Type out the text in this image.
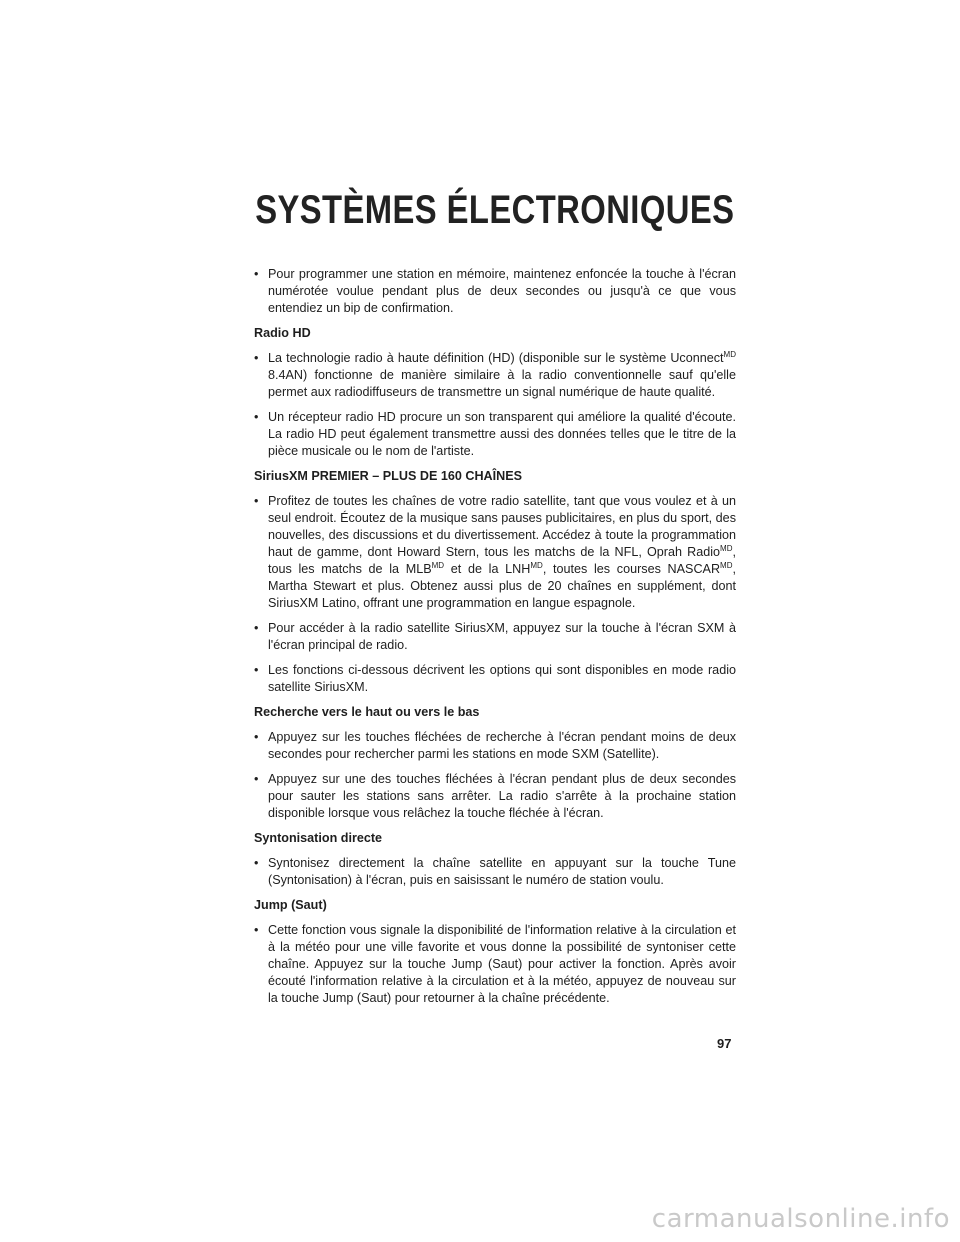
SYSTÈMES ÉLECTRONIQUES

• Pour programmer une station en mémoire, maintenez enfoncée la touche à l'écran numérotée voulue pendant plus de deux secondes ou jusqu'à ce que vous entendiez un bip de confirmation.

Radio HD

• La technologie radio à haute définition (HD) (disponible sur le système Uconnect$^{MD}$ 8.4AN) fonctionne de manière similaire à la radio conventionnelle sauf qu'elle permet aux radiodiffuseurs de transmettre un signal numérique de haute qualité.

• Un récepteur radio HD procure un son transparent qui améliore la qualité d'écoute. La radio HD peut également transmettre aussi des données telles que le titre de la pièce musicale ou le nom de l'artiste.

SiriusXM PREMIER – PLUS DE 160 CHAÎNES

• Profitez de toutes les chaînes de votre radio satellite, tant que vous voulez et à un seul endroit. Écoutez de la musique sans pauses publicitaires, en plus du sport, des nouvelles, des discussions et du divertissement. Accédez à toute la programmation haut de gamme, dont Howard Stern, tous les matchs de la NFL, Oprah Radio$^{MD}$, tous les matchs de la $MLB^{MD}$ et de la $LNH^{MD}$, toutes les courses $NASCAR^{MD}$, Martha Stewart et plus. Obtenez aussi plus de 20 chaînes en supplément, dont SiriusXM Latino, offrant une programmation en langue espagnole.

• Pour accéder à la radio satellite SiriusXM, appuyez sur la touche à l'écran SXM à l'écran principal de radio.

• Les fonctions ci-dessous décrivent les options qui sont disponibles en mode radio satellite SiriusXM.

Recherche vers le haut ou vers le bas

• Appuyez sur les touches fléchées de recherche à l'écran pendant moins de deux secondes pour rechercher parmi les stations en mode SXM (Satellite).

• Appuyez sur une des touches fléchées à l'écran pendant plus de deux secondes pour sauter les stations sans arrêter. La radio s'arrête à la prochaine station disponible lorsque vous relâchez la touche fléchée à l'écran.

Syntonisation directe

• Syntonisez directement la chaîne satellite en appuyant sur la touche Tune (Syntonisation) à l'écran, puis en saisissant le numéro de station voulu.

Jump (Saut)

• Cette fonction vous signale la disponibilité de l'information relative à la circulation et à la météo pour une ville favorite et vous donne la possibilité de syntoniser cette chaîne. Appuyez sur la touche Jump (Saut) pour activer la fonction. Après avoir écouté l'information relative à la circulation et à la météo, appuyez de nouveau sur la touche Jump (Saut) pour retourner à la chaîne précédente.

97
carmanualsonline.info
